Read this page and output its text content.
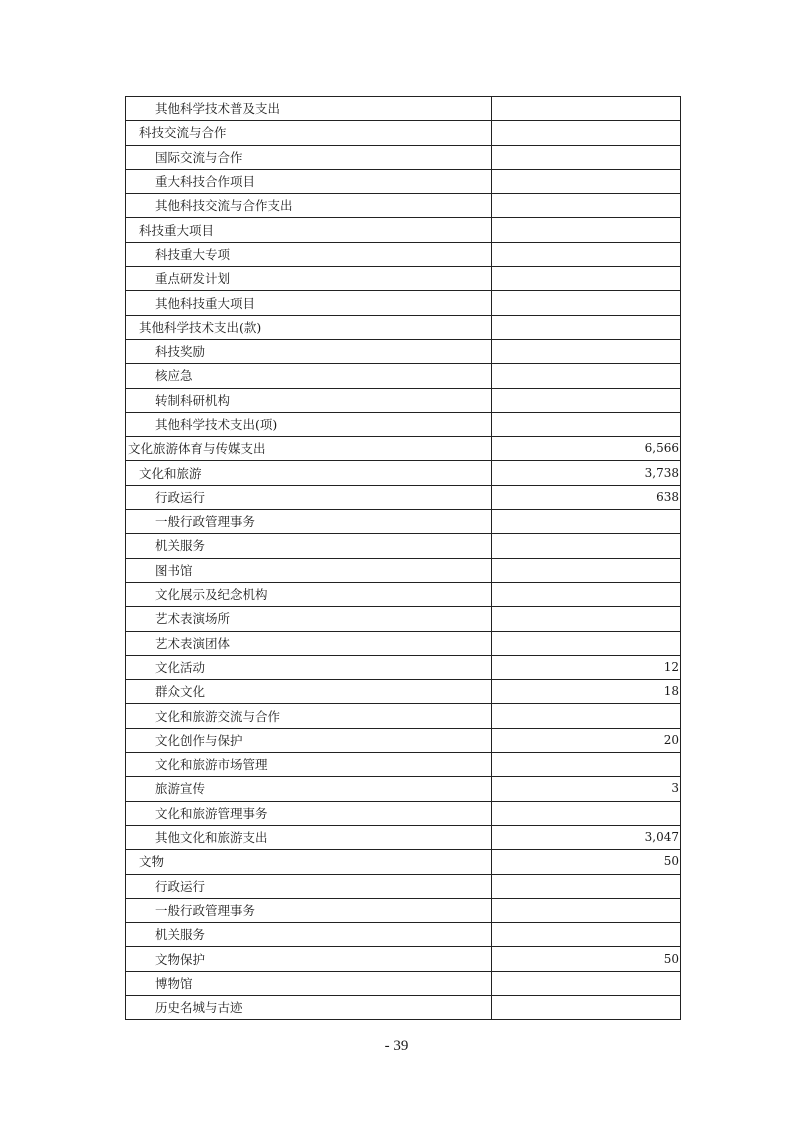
其他科学技术普及支出	
科技交流与合作	
国际交流与合作	
重大科技合作项目	
其他科技交流与合作支出	
科技重大项目	
科技重大专项	
重点研发计划	
其他科技重大项目	
其他科学技术支出(款)	
科技奖励	
核应急	
转制科研机构	
其他科学技术支出(项)	
文化旅游体育与传媒支出	6,566
文化和旅游	3,738
行政运行	638
一般行政管理事务	
机关服务	
图书馆	
文化展示及纪念机构	
艺术表演场所	
艺术表演团体	
文化活动	12
群众文化	18
文化和旅游交流与合作	
文化创作与保护	20
文化和旅游市场管理	
旅游宣传	3
文化和旅游管理事务	
其他文化和旅游支出	3,047
文物	50
行政运行	
一般行政管理事务	
机关服务	
文物保护	50
博物馆	
历史名城与古迹	
- 39
